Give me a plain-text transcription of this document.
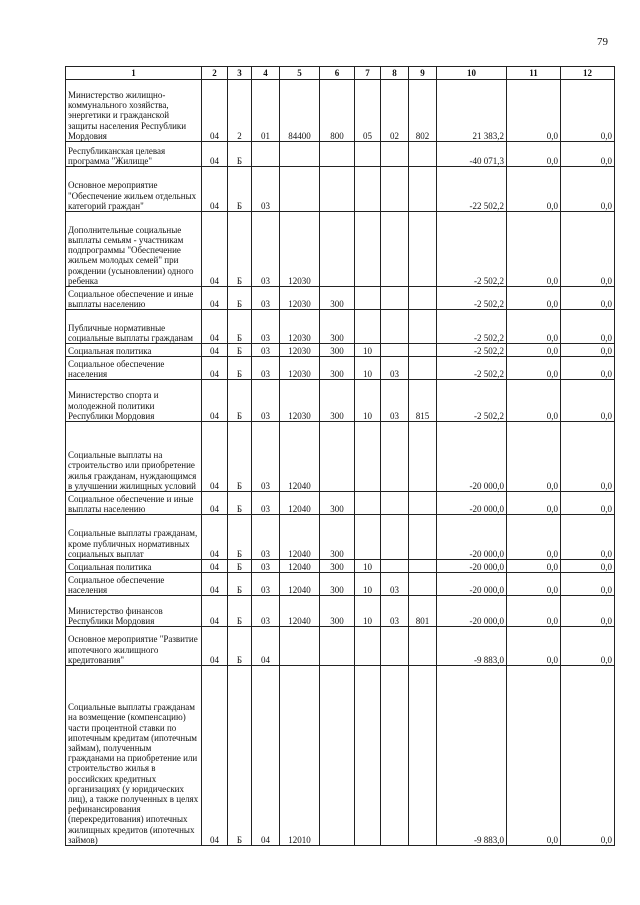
79
1	2	3	4	5	6	7	8	9	10	11	12
Министерство жилищно-коммунального хозяйства, энергетики и гражданской защиты населения Республики Мордовия	04	2	01	84400	800	05	02	802	21 383,2	0,0	0,0
Республиканская целевая программа "Жилище"	04	Б							-40 071,3	0,0	0,0
Основное мероприятие "Обеспечение жильем отдельных категорий граждан"	04	Б	03						-22 502,2	0,0	0,0
Дополнительные социальные выплаты семьям - участникам подпрограммы "Обеспечение жильем молодых семей" при рождении (усыновлении) одного ребенка	04	Б	03	12030					-2 502,2	0,0	0,0
Социальное обеспечение и иные выплаты населению	04	Б	03	12030	300				-2 502,2	0,0	0,0
Публичные нормативные социальные выплаты гражданам	04	Б	03	12030	300				-2 502,2	0,0	0,0
Социальная политика	04	Б	03	12030	300	10			-2 502,2	0,0	0,0
Социальное обеспечение населения	04	Б	03	12030	300	10	03		-2 502,2	0,0	0,0
Министерство спорта и молодежной политики Республики Мордовия	04	Б	03	12030	300	10	03	815	-2 502,2	0,0	0,0
Социальные выплаты на строительство или приобретение жилья гражданам, нуждающимся в улучшении жилищных условий	04	Б	03	12040					-20 000,0	0,0	0,0
Социальное обеспечение и иные выплаты населению	04	Б	03	12040	300				-20 000,0	0,0	0,0
Социальные выплаты гражданам, кроме публичных нормативных социальных выплат	04	Б	03	12040	300				-20 000,0	0,0	0,0
Социальная политика	04	Б	03	12040	300	10			-20 000,0	0,0	0,0
Социальное обеспечение населения	04	Б	03	12040	300	10	03		-20 000,0	0,0	0,0
Министерство финансов Республики Мордовия	04	Б	03	12040	300	10	03	801	-20 000,0	0,0	0,0
Основное мероприятие "Развитие ипотечного жилищного кредитования"	04	Б	04						-9 883,0	0,0	0,0
Социальные выплаты гражданам на возмещение (компенсацию) части процентной ставки по ипотечным кредитам (ипотечным займам), полученным гражданами на приобретение или строительство жилья в российских кредитных организациях (у юридических лиц), а также полученных в целях рефинансирования (перекредитования) ипотечных жилищных кредитов (ипотечных займов)	04	Б	04	12010					-9 883,0	0,0	0,0
